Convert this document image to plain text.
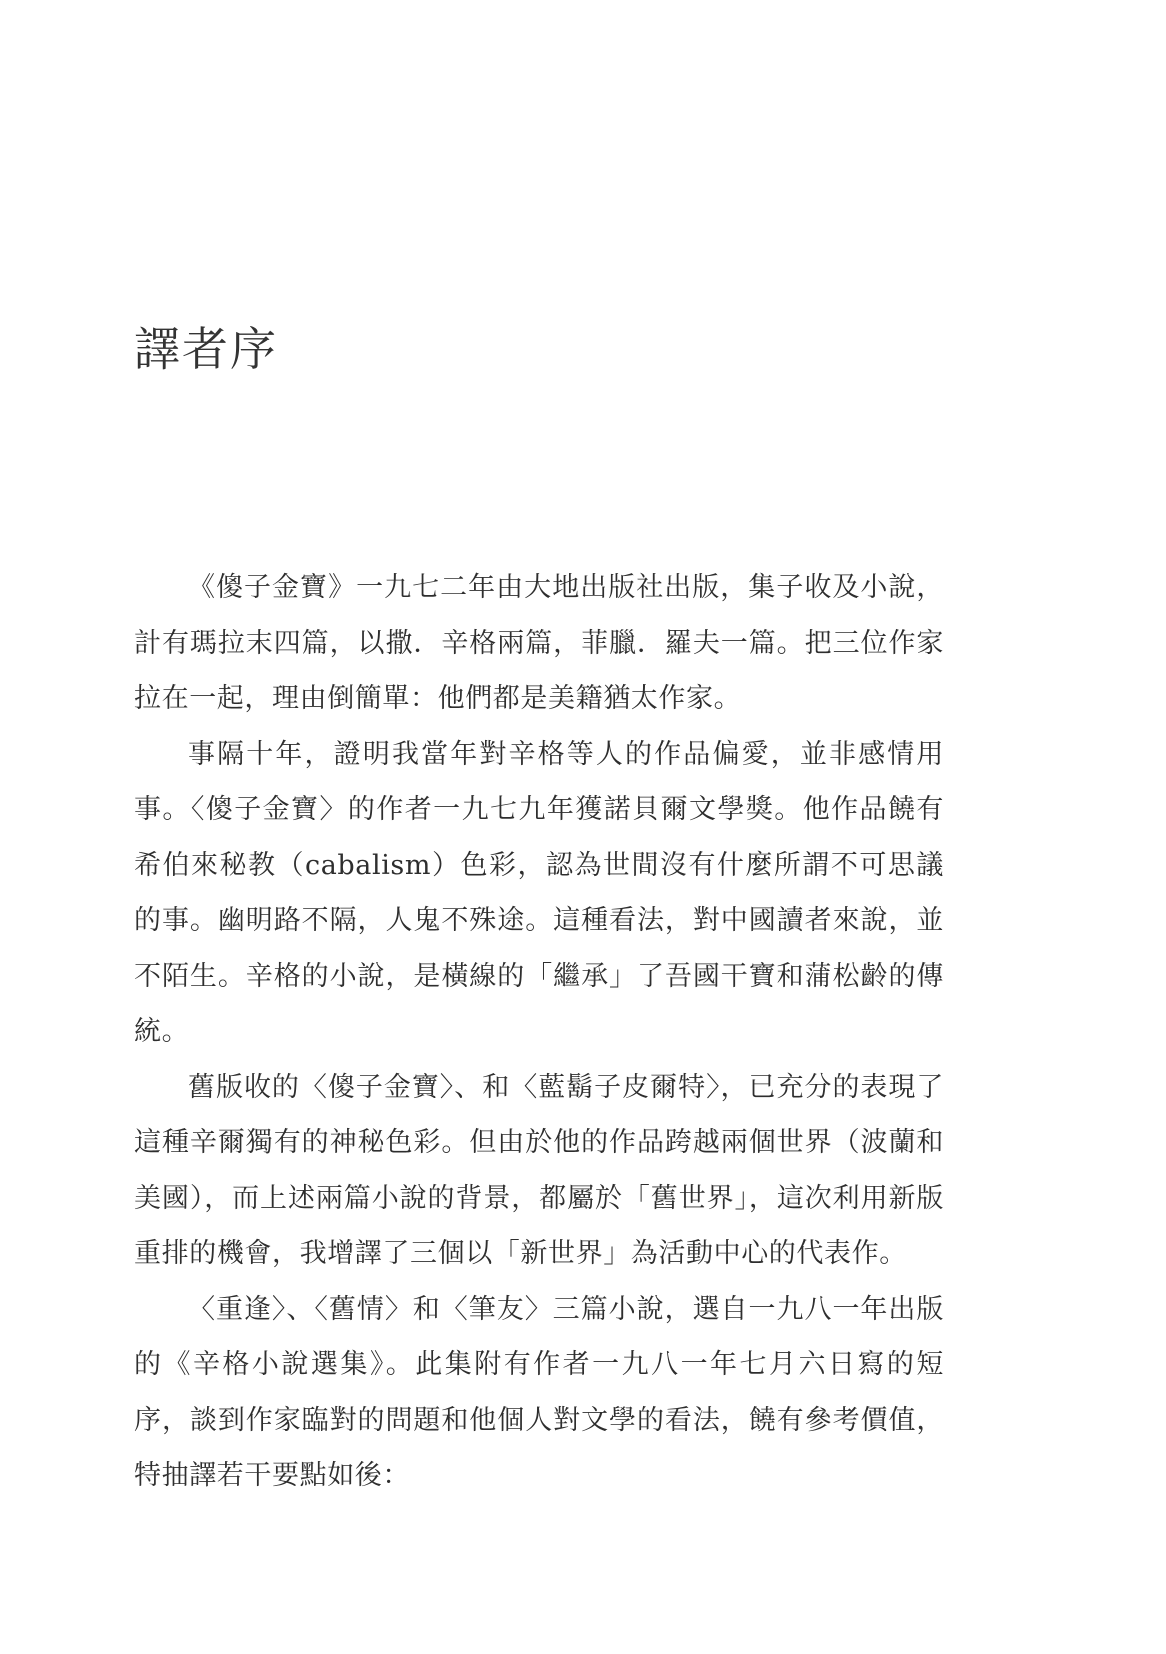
譯者序

《傻子金寶》一九七二年由大地出版社出版，集子收及小說，計有瑪拉末四篇，以撒．辛格兩篇，菲臘．羅夫一篇。把三位作家拉在一起，理由倒簡單：他們都是美籍猶太作家。

事隔十年，證明我當年對辛格等人的作品偏愛，並非感情用事。〈傻子金寶〉的作者一九七九年獲諾貝爾文學獎。他作品饒有希伯來秘教（cabalism）色彩，認為世間沒有什麼所謂不可思議的事。幽明路不隔，人鬼不殊途。這種看法，對中國讀者來說，並不陌生。辛格的小說，是橫線的「繼承」了吾國干寶和蒲松齡的傳統。

舊版收的〈傻子金寶〉、和〈藍鬍子皮爾特〉，已充分的表現了這種辛爾獨有的神秘色彩。但由於他的作品跨越兩個世界（波蘭和美國），而上述兩篇小說的背景，都屬於「舊世界」，這次利用新版重排的機會，我增譯了三個以「新世界」為活動中心的代表作。

〈重逢〉、〈舊情〉和〈筆友〉三篇小說，選自一九八一年出版的《辛格小說選集》。此集附有作者一九八一年七月六日寫的短序，談到作家臨對的問題和他個人對文學的看法，饒有參考價值，特抽譯若干要點如後：
